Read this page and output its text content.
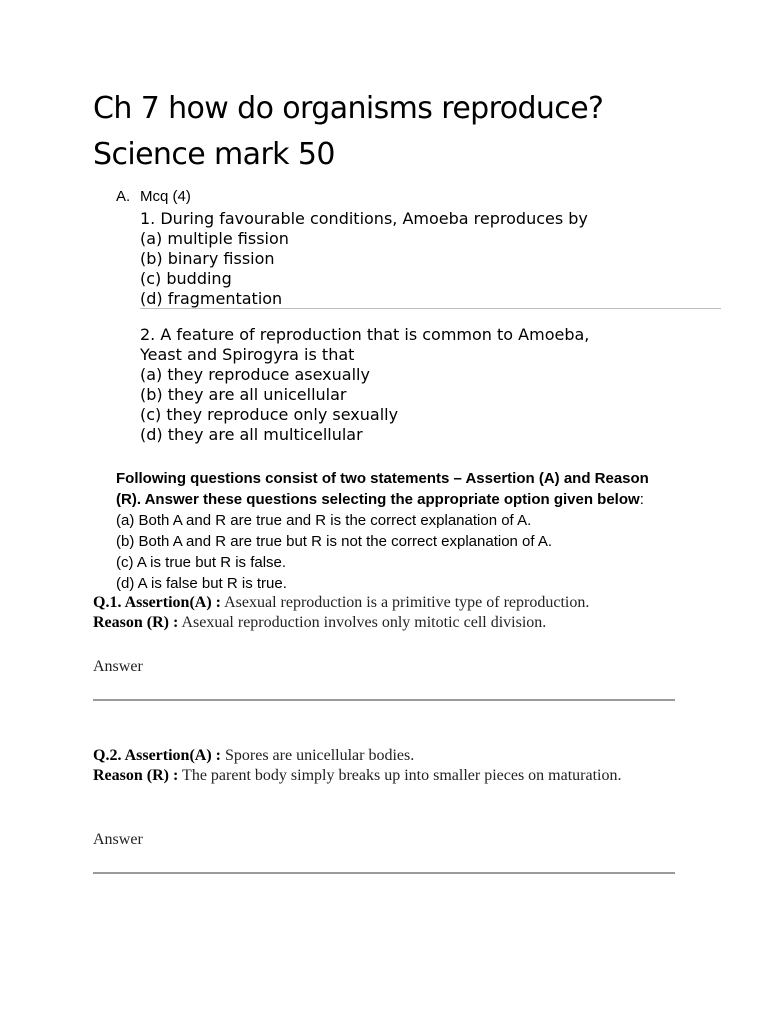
Ch 7 how do organisms reproduce?
Science mark 50
A. Mcq (4)
1. During favourable conditions, Amoeba reproduces by
(a) multiple fission
(b) binary fission
(c) budding
(d) fragmentation
2. A feature of reproduction that is common to Amoeba,
Yeast and Spirogyra is that
(a) they reproduce asexually
(b) they are all unicellular
(c) they reproduce only sexually
(d) they are all multicellular
Following questions consist of two statements – Assertion (A) and Reason (R). Answer these questions selecting the appropriate option given below:
(a) Both A and R are true and R is the correct explanation of A.
(b) Both A and R are true but R is not the correct explanation of A.
(c) A is true but R is false.
(d) A is false but R is true.
Q.1. Assertion(A) : Asexual reproduction is a primitive type of reproduction.
Reason (R) : Asexual reproduction involves only mitotic cell division.
Answer
Q.2. Assertion(A) : Spores are unicellular bodies.
Reason (R) : The parent body simply breaks up into smaller pieces on maturation.
Answer
